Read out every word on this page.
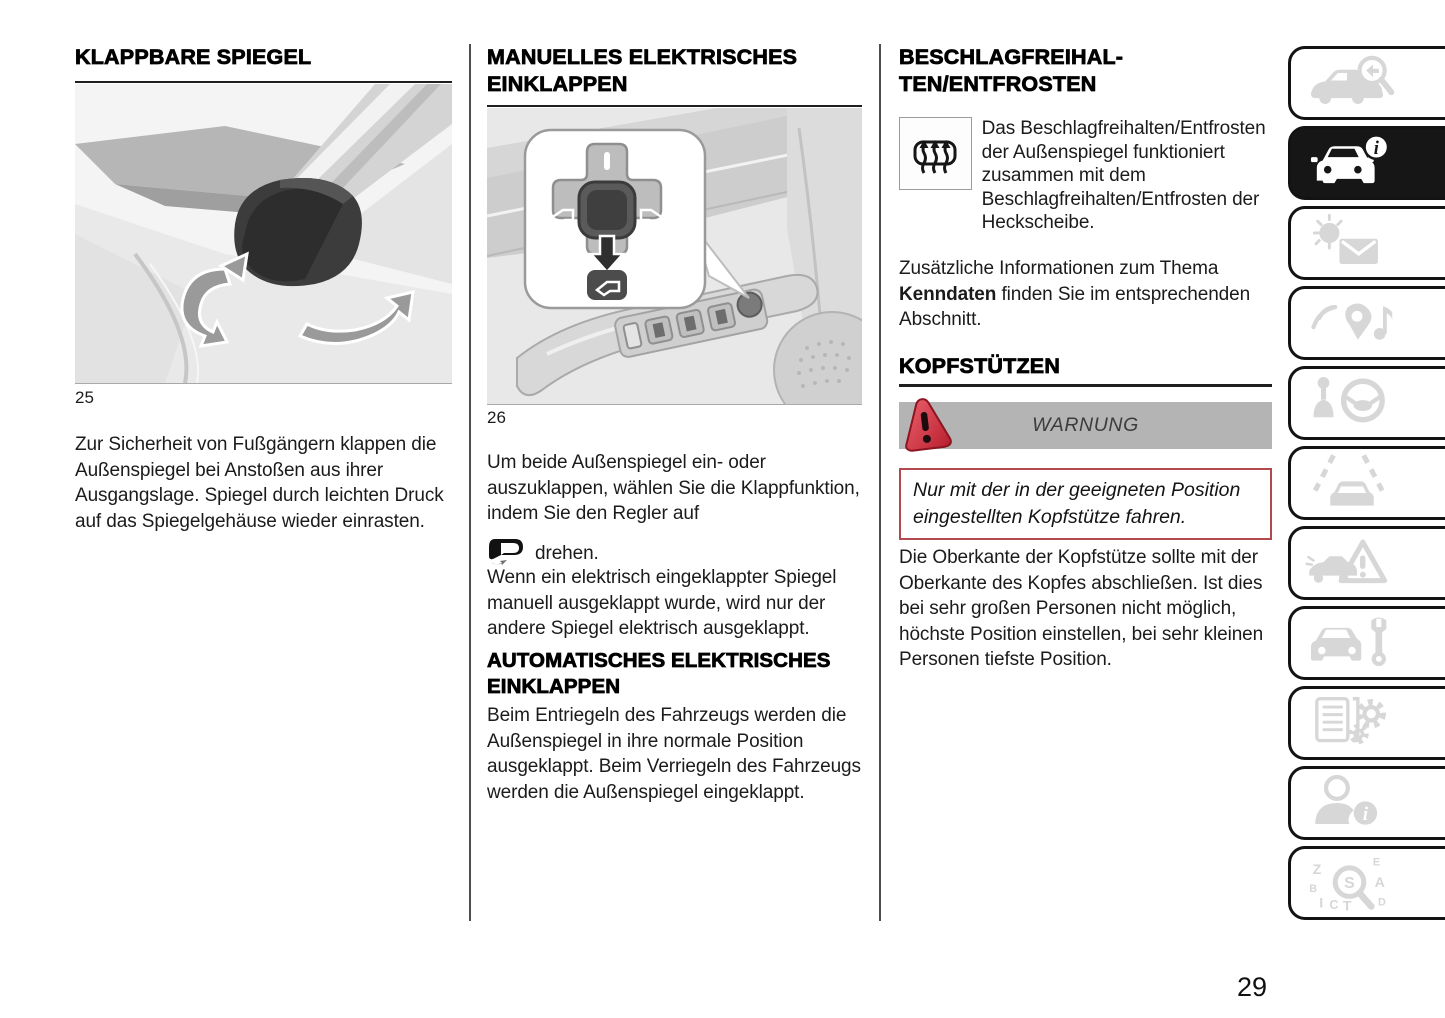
KLAPPBARE SPIEGEL
25

Zur Sicherheit von Fußgängern klappen die Außenspiegel bei Anstoßen aus ihrer Ausgangslage. Spiegel durch leichten Druck auf das Spiegelgehäuse wieder einrasten.

MANUELLES ELEKTRISCHES EINKLAPPEN
26

Um beide Außenspiegel ein- oder auszuklappen, wählen Sie die Klappfunktion, indem Sie den Regler auf

drehen.

Wenn ein elektrisch eingeklappter Spiegel manuell ausgeklappt wurde, wird nur der andere Spiegel elektrisch ausgeklappt.

AUTOMATISCHES ELEKTRISCHES EINKLAPPEN

Beim Entriegeln des Fahrzeugs werden die Außenspiegel in ihre normale Position ausgeklappt. Beim Verriegeln des Fahrzeugs werden die Außenspiegel eingeklappt.

BESCHLAGFREIHAL-
TEN/ENTFROSTEN

Das Beschlagfreihalten/Entfrosten der Außenspiegel funktioniert zusammen mit dem Beschlagfreihalten/Entfrosten der Heckscheibe.

Zusätzliche Informationen zum Thema Kenndaten finden Sie im entsprechenden Abschnitt.

KOPFSTÜTZEN
WARNUNG

Nur mit der in der geeigneten Position eingestellten Kopfstütze fahren.

Die Oberkante der Kopfstütze sollte mit der Oberkante des Kopfes abschließen. Ist dies bei sehr großen Personen nicht möglich, höchste Position einstellen, bei sehr kleinen Personen tiefste Position.

i
i
Z	E
B	A
I C T D
S
29
